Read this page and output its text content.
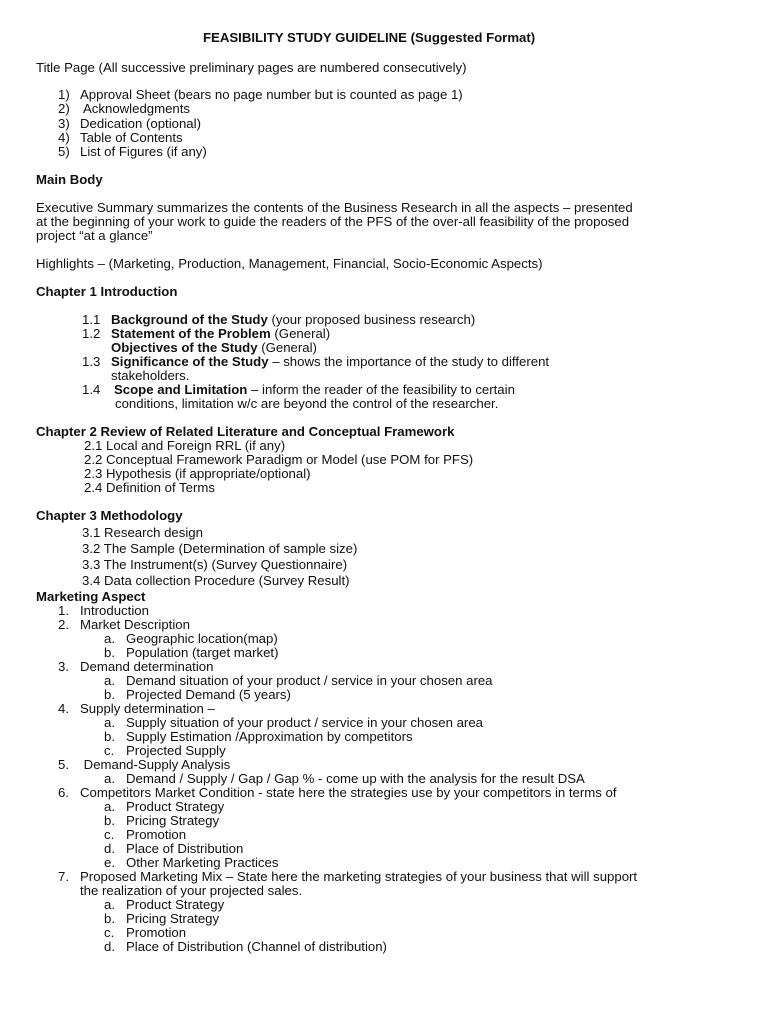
FEASIBILITY STUDY GUIDELINE (Suggested Format)
Title Page (All successive preliminary pages are numbered consecutively)
1) Approval Sheet (bears no page number but is counted as page 1)
2) Acknowledgments
3) Dedication (optional)
4) Table of Contents
5) List of Figures (if any)
Main Body
Executive Summary summarizes the contents of the Business Research in all the aspects – presented
at the beginning of your work to guide the readers of the PFS of the over-all feasibility of the proposed
project “at a glance”
Highlights – (Marketing, Production, Management, Financial, Socio-Economic Aspects)
Chapter 1 Introduction
1.1 Background of the Study (your proposed business research)
1.2 Statement of the Problem (General)
Objectives of the Study (General)
1.3 Significance of the Study – shows the importance of the study to different
stakeholders.
1.4 Scope and Limitation – inform the reader of the feasibility to certain
conditions, limitation w/c are beyond the control of the researcher.
Chapter 2 Review of Related Literature and Conceptual Framework
2.1 Local and Foreign RRL (if any)
2.2 Conceptual Framework Paradigm or Model (use POM for PFS)
2.3 Hypothesis (if appropriate/optional)
2.4 Definition of Terms
Chapter 3 Methodology
3.1 Research design
3.2 The Sample (Determination of sample size)
3.3 The Instrument(s) (Survey Questionnaire)
3.4 Data collection Procedure (Survey Result)
Marketing Aspect
1. Introduction
2. Market Description
a. Geographic location(map)
b. Population (target market)
3. Demand determination
a. Demand situation of your product / service in your chosen area
b. Projected Demand (5 years)
4. Supply determination –
a. Supply situation of your product / service in your chosen area
b. Supply Estimation /Approximation by competitors
c. Projected Supply
5. Demand-Supply Analysis
a. Demand / Supply / Gap / Gap % - come up with the analysis for the result DSA
6. Competitors Market Condition - state here the strategies use by your competitors in terms of
a. Product Strategy
b. Pricing Strategy
c. Promotion
d. Place of Distribution
e. Other Marketing Practices
7. Proposed Marketing Mix – State here the marketing strategies of your business that will support
the realization of your projected sales.
a. Product Strategy
b. Pricing Strategy
c. Promotion
d. Place of Distribution (Channel of distribution)
